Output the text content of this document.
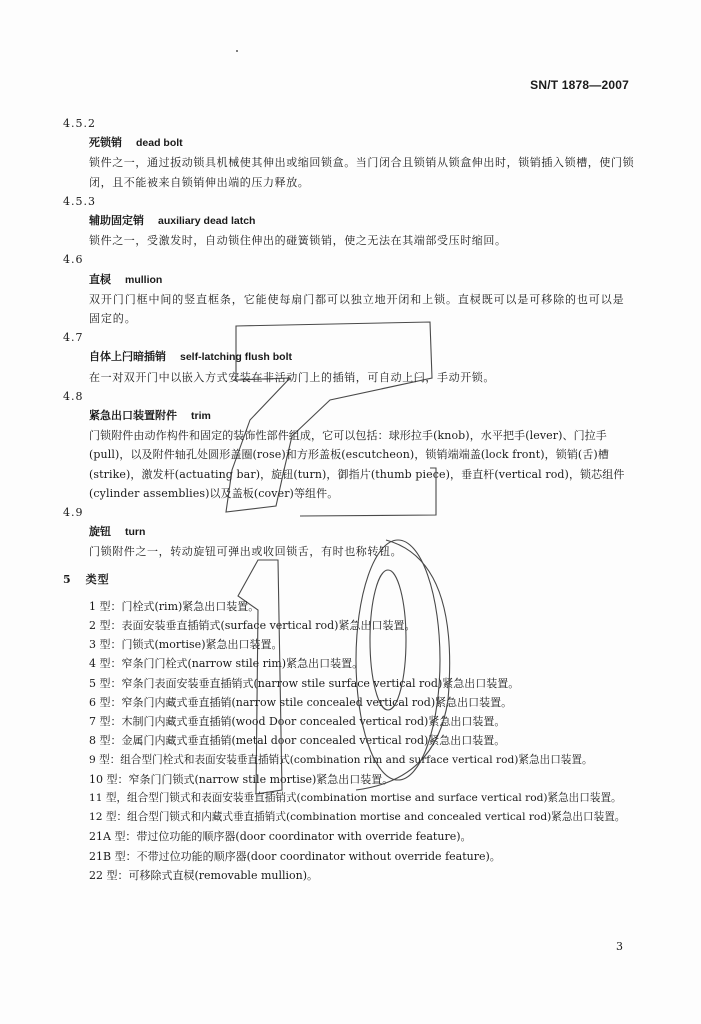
SN/T 1878—2007

4.5.2

死锁销 dead bolt

锁件之一，通过扳动锁具机械使其伸出或缩回锁盒。当门闭合且锁销从锁盒伸出时，锁销插入锁槽，使门锁闭，且不能被来自锁销伸出端的压力释放。

4.5.3

辅助固定销 auxiliary dead latch

锁件之一，受激发时，自动锁住伸出的碰簧锁销，使之无法在其端部受压时缩回。

4.6

直棂 mullion

双开门门框中间的竖直框条，它能使每扇门都可以独立地开闭和上锁。直棂既可以是可移除的也可以是固定的。

4.7

自体上闩暗插销 self-latching flush bolt

在一对双开门中以嵌入方式安装在非活动门上的插销，可自动上闩，手动开锁。

4.8

紧急出口装置附件 trim

门锁附件由动作构件和固定的装饰性部件组成，它可以包括：球形拉手(knob)，水平把手(lever)、门拉手(pull)，以及附件轴孔处圆形盖圈(rose)和方形盖板(escutcheon)，锁销端端盖(lock front)，锁销(舌)槽(strike)，激发杆(actuating bar)，旋钮(turn)，御指片(thumb piece)，垂直杆(vertical rod)，锁芯组件(cylinder assemblies)以及盖板(cover)等组件。

4.9

旋钮 turn

门锁附件之一，转动旋钮可弹出或收回锁舌，有时也称转钮。

5 类型

1 型：门栓式(rim)紧急出口装置。

2 型：表面安装垂直插销式(surface vertical rod)紧急出口装置。

3 型：门锁式(mortise)紧急出口装置。

4 型：窄条门门栓式(narrow stile rim)紧急出口装置。

5 型：窄条门表面安装垂直插销式(narrow stile surface vertical rod)紧急出口装置。

6 型：窄条门内藏式垂直插销(narrow stile concealed vertical rod)紧急出口装置。

7 型：木制门内藏式垂直插销(wood Door concealed vertical rod)紧急出口装置。

8 型：金属门内藏式垂直插销(metal door concealed vertical rod)紧急出口装置。

9 型：组合型门栓式和表面安装垂直插销式(combination rim and surface vertical rod)紧急出口装置。

10 型：窄条门门锁式(narrow stile mortise)紧急出口装置。

11 型，组合型门锁式和表面安装垂直插销式(combination mortise and surface vertical rod)紧急出口装置。

12 型：组合型门锁式和内藏式垂直插销式(combination mortise and concealed vertical rod)紧急出口装置。

21A 型：带过位功能的顺序器(door coordinator with override feature)。

21B 型：不带过位功能的顺序器(door coordinator without override feature)。

22 型：可移除式直棂(removable mullion)。

3
